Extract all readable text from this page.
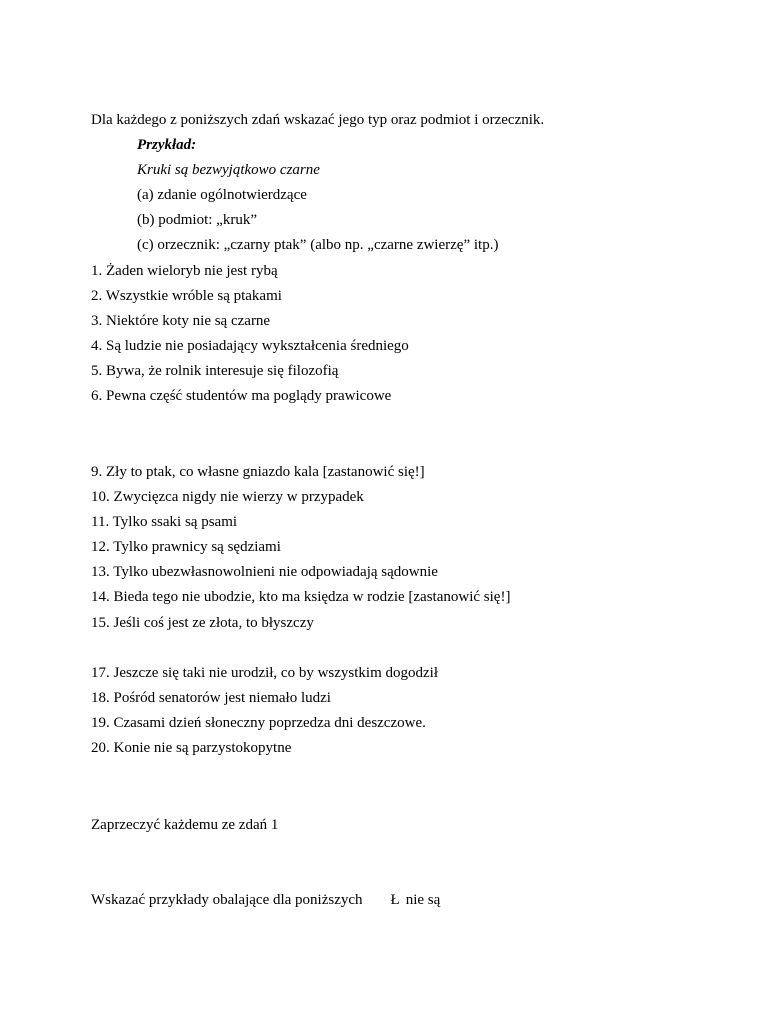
Dla każdego z poniższych zdań wskazać jego typ oraz podmiot i orzecznik.
Przykład:
Kruki są bezwyjątkowo czarne
(a) zdanie ogólnotwierdzące
(b) podmiot: „kruk”
(c) orzecznik: „czarny ptak” (albo np. „czarne zwierzę” itp.)
1. Żaden wieloryb nie jest rybą
2. Wszystkie wróble są ptakami
3. Niektóre koty nie są czarne
4. Są ludzie nie posiadający wykształcenia średniego
5. Bywa, że rolnik interesuje się filozofią
6. Pewna część studentów ma poglądy prawicowe
9. Zły to ptak, co własne gniazdo kala [zastanowić się!]
10. Zwycięzca nigdy nie wierzy w przypadek
11. Tylko ssaki są psami
12. Tylko prawnicy są sędziami
13. Tylko ubezwłasnowolnieni nie odpowiadają sądownie
14. Bieda tego nie ubodzie, kto ma księdza w rodzie [zastanowić się!]
15. Jeśli coś jest ze złota, to błyszczy
17. Jeszcze się taki nie urodził, co by wszystkim dogodził
18. Pośród senatorów jest niemało ludzi
19. Czasami dzień słoneczny poprzedza dni deszczowe.
20. Konie nie są parzystokopytne
Zaprzeczyć każdemu ze zdań 1
Wskazać przykłady obalające dla poniższych Ł nie są
